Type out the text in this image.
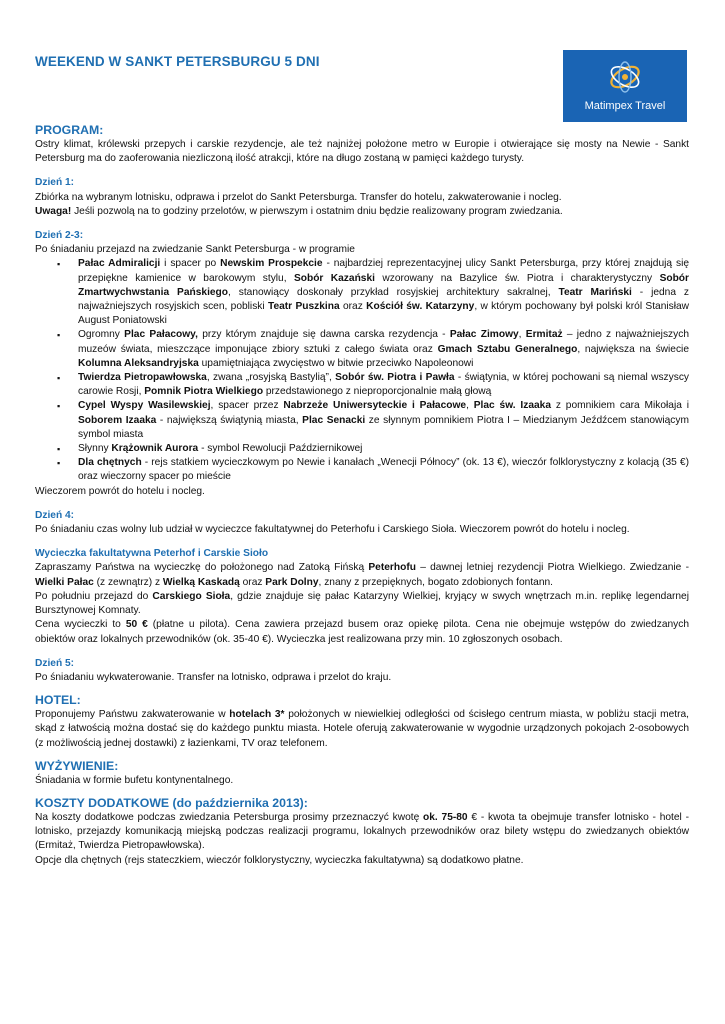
WEEKEND W SANKT PETERSBURGU 5 DNI
Matimpex Travel
PROGRAM:

Ostry klimat, królewski przepych i carskie rezydencje, ale też najniżej położone metro w Europie i otwierające się mosty na Newie - Sankt Petersburg ma do zaoferowania niezliczoną ilość atrakcji, które na długo zostaną w pamięci każdego turysty.

Dzień 1:

Zbiórka na wybranym lotnisku, odprawa i przelot do Sankt Petersburga. Transfer do hotelu, zakwaterowanie i nocleg.

Uwaga! Jeśli pozwolą na to godziny przelotów, w pierwszym i ostatnim dniu będzie realizowany program zwiedzania.

Dzień 2-3:

Po śniadaniu przejazd na zwiedzanie Sankt Petersburga - w programie

▪ Pałac Admiralicji i spacer po Newskim Prospekcie - najbardziej reprezentacyjnej ulicy Sankt Petersburga, przy której znajdują się przepiękne kamienice w barokowym stylu, Sobór Kazański wzorowany na Bazylice św. Piotra i charakterystyczny Sobór Zmartwychwstania Pańskiego, stanowiący doskonały przykład rosyjskiej architektury sakralnej, Teatr Mariński - jedna z najważniejszych rosyjskich scen, pobliski Teatr Puszkina oraz Kościół św. Katarzyny, w którym pochowany był polski król Stanisław August Poniatowski
▪ Ogromny Plac Pałacowy, przy którym znajduje się dawna carska rezydencja - Pałac Zimowy, Ermitaż – jedno z najważniejszych muzeów świata, mieszczące imponujące zbiory sztuki z całego świata oraz Gmach Sztabu Generalnego, największa na świecie Kolumna Aleksandryjska upamiętniająca zwycięstwo w bitwie przeciwko Napoleonowi
▪ Twierdza Pietropawłowska, zwana „rosyjską Bastylią”, Sobór św. Piotra i Pawła - świątynia, w której pochowani są niemal wszyscy carowie Rosji, Pomnik Piotra Wielkiego przedstawionego z nieproporcjonalnie małą głową
▪ Cypel Wyspy Wasilewskiej, spacer przez Nabrzeże Uniwersyteckie i Pałacowe, Plac św. Izaaka z pomnikiem cara Mikołaja i Soborem Izaaka - największą świątynią miasta, Plac Senacki ze słynnym pomnikiem Piotra I – Miedzianym Jeźdźcem stanowiącym symbol miasta
▪ Słynny Krążownik Aurora - symbol Rewolucji Październikowej
▪ Dla chętnych - rejs statkiem wycieczkowym po Newie i kanałach „Wenecji Północy” (ok. 13 €), wieczór folklorystyczny z kolacją (35 €) oraz wieczorny spacer po mieście

Wieczorem powrót do hotelu i nocleg.

Dzień 4:

Po śniadaniu czas wolny lub udział w wycieczce fakultatywnej do Peterhofu i Carskiego Sioła. Wieczorem powrót do hotelu i nocleg.

Wycieczka fakultatywna Peterhof i Carskie Sioło

Zapraszamy Państwa na wycieczkę do położonego nad Zatoką Fińską Peterhofu – dawnej letniej rezydencji Piotra Wielkiego. Zwiedzanie - Wielki Pałac (z zewnątrz) z Wielką Kaskadą oraz Park Dolny, znany z przepięknych, bogato zdobionych fontann.

Po południu przejazd do Carskiego Sioła, gdzie znajduje się pałac Katarzyny Wielkiej, kryjący w swych wnętrzach m.in. replikę legendarnej Bursztynowej Komnaty.

Cena wycieczki to 50 € (płatne u pilota). Cena zawiera przejazd busem oraz opiekę pilota. Cena nie obejmuje wstępów do zwiedzanych obiektów oraz lokalnych przewodników (ok. 35-40 €). Wycieczka jest realizowana przy min. 10 zgłoszonych osobach.

Dzień 5:

Po śniadaniu wykwaterowanie. Transfer na lotnisko, odprawa i przelot do kraju.

HOTEL:

Proponujemy Państwu zakwaterowanie w hotelach 3* położonych w niewielkiej odległości od ścisłego centrum miasta, w pobliżu stacji metra, skąd z łatwością można dostać się do każdego punktu miasta. Hotele oferują zakwaterowanie w wygodnie urządzonych pokojach 2-osobowych (z możliwością jednej dostawki) z łazienkami, TV oraz telefonem.

WYŻYWIENIE:

Śniadania w formie bufetu kontynentalnego.

KOSZTY DODATKOWE (do października 2013):

Na koszty dodatkowe podczas zwiedzania Petersburga prosimy przeznaczyć kwotę ok. 75-80 € - kwota ta obejmuje transfer lotnisko - hotel - lotnisko, przejazdy komunikacją miejską podczas realizacji programu, lokalnych przewodników oraz bilety wstępu do zwiedzanych obiektów (Ermitaż, Twierdza Pietropawłowska).

Opcje dla chętnych (rejs stateczkiem, wieczór folklorystyczny, wycieczka fakultatywna) są dodatkowo płatne.
